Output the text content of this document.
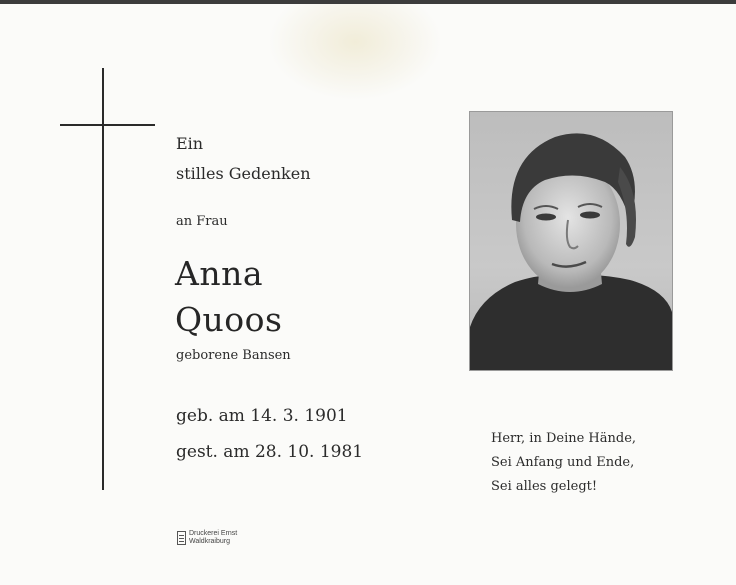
Ein
stilles Gedenken
an Frau
Anna
Quoos
geborene Bansen
geb. am 14. 3. 1901
gest. am 28. 10. 1981
Herr, in Deine Hände,
Sei Anfang und Ende,
Sei alles gelegt!
Druckerei Ernst
Waldkraiburg
